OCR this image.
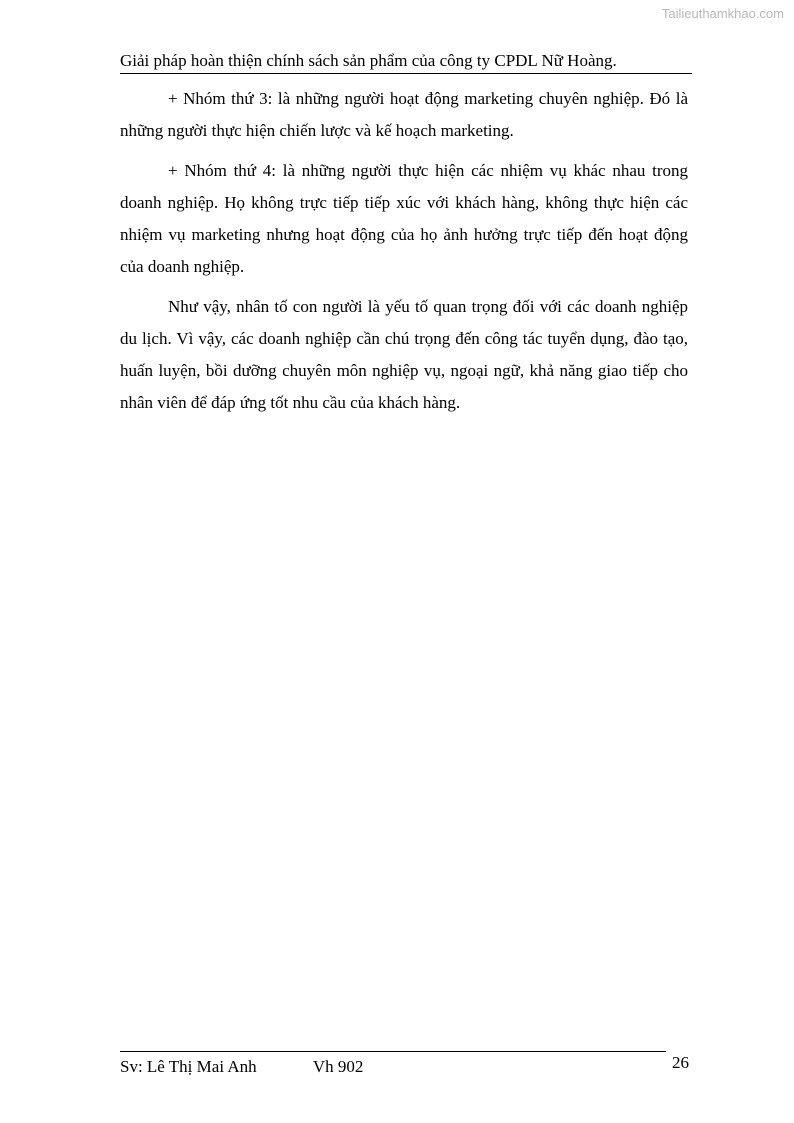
Tailieuthamkhao.com
Giải pháp hoàn thiện chính sách sản phẩm của công ty CPDL Nữ Hoàng.

+ Nhóm thứ 3: là những người hoạt động marketing chuyên nghiệp. Đó là những người thực hiện chiến lược và kế hoạch marketing.

+ Nhóm thứ 4: là những người thực hiện các nhiệm vụ khác nhau trong doanh nghiệp. Họ không trực tiếp tiếp xúc với khách hàng, không thực hiện các nhiệm vụ marketing nhưng hoạt động của họ ảnh hưởng trực tiếp đến hoạt động của doanh nghiệp.

Như vậy, nhân tố con người là yếu tố quan trọng đối với các doanh nghiệp du lịch. Vì vậy, các doanh nghiệp cần chú trọng đến công tác tuyển dụng, đào tạo, huấn luyện, bồi dưỡng chuyên môn nghiệp vụ, ngoại ngữ, khả năng giao tiếp cho nhân viên để đáp ứng tốt nhu cầu của khách hàng.

Sv: Lê Thị Mai Anh	Vh 902	26
